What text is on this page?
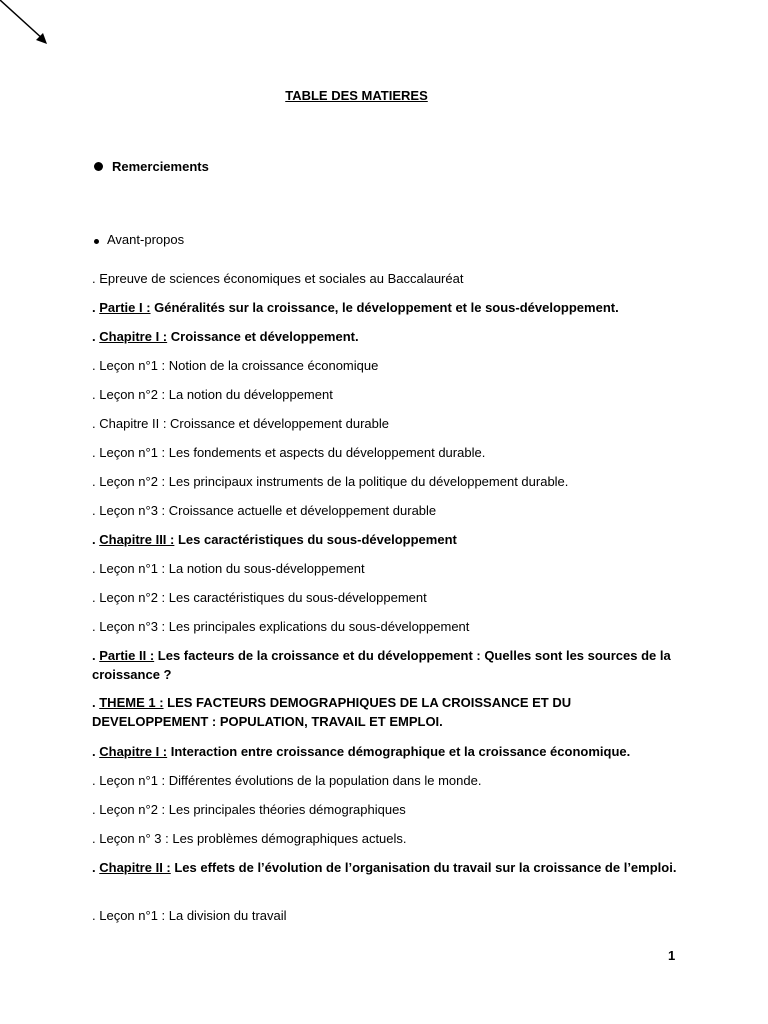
TABLE DES MATIERES
Remerciements
Avant-propos
. Epreuve de sciences économiques et sociales au Baccalauréat
. Partie I : Généralités sur la croissance, le développement et le sous-développement.
. Chapitre I : Croissance et développement.
. Leçon n°1 : Notion de la croissance économique
. Leçon n°2 : La notion du développement
. Chapitre II : Croissance et développement durable
. Leçon n°1 : Les fondements et aspects du développement durable.
. Leçon n°2 : Les principaux instruments de la politique du développement durable.
. Leçon n°3 : Croissance actuelle et développement durable
. Chapitre III : Les caractéristiques du sous-développement
. Leçon n°1 : La notion du sous-développement
. Leçon n°2 : Les caractéristiques du sous-développement
. Leçon n°3 : Les principales explications du sous-développement
. Partie II : Les facteurs de la croissance et du développement : Quelles sont les sources de la croissance ?
. THEME 1 : LES FACTEURS DEMOGRAPHIQUES DE LA CROISSANCE ET DU DEVELOPPEMENT : POPULATION, TRAVAIL ET EMPLOI.
. Chapitre I : Interaction entre croissance démographique et la croissance économique.
. Leçon n°1 : Différentes évolutions de la population dans le monde.
. Leçon n°2 : Les principales théories démographiques
. Leçon n° 3 : Les problèmes démographiques actuels.
. Chapitre II : Les effets de l’évolution de l’organisation du travail sur la croissance de l’emploi.
. Leçon n°1 : La division du travail
1
